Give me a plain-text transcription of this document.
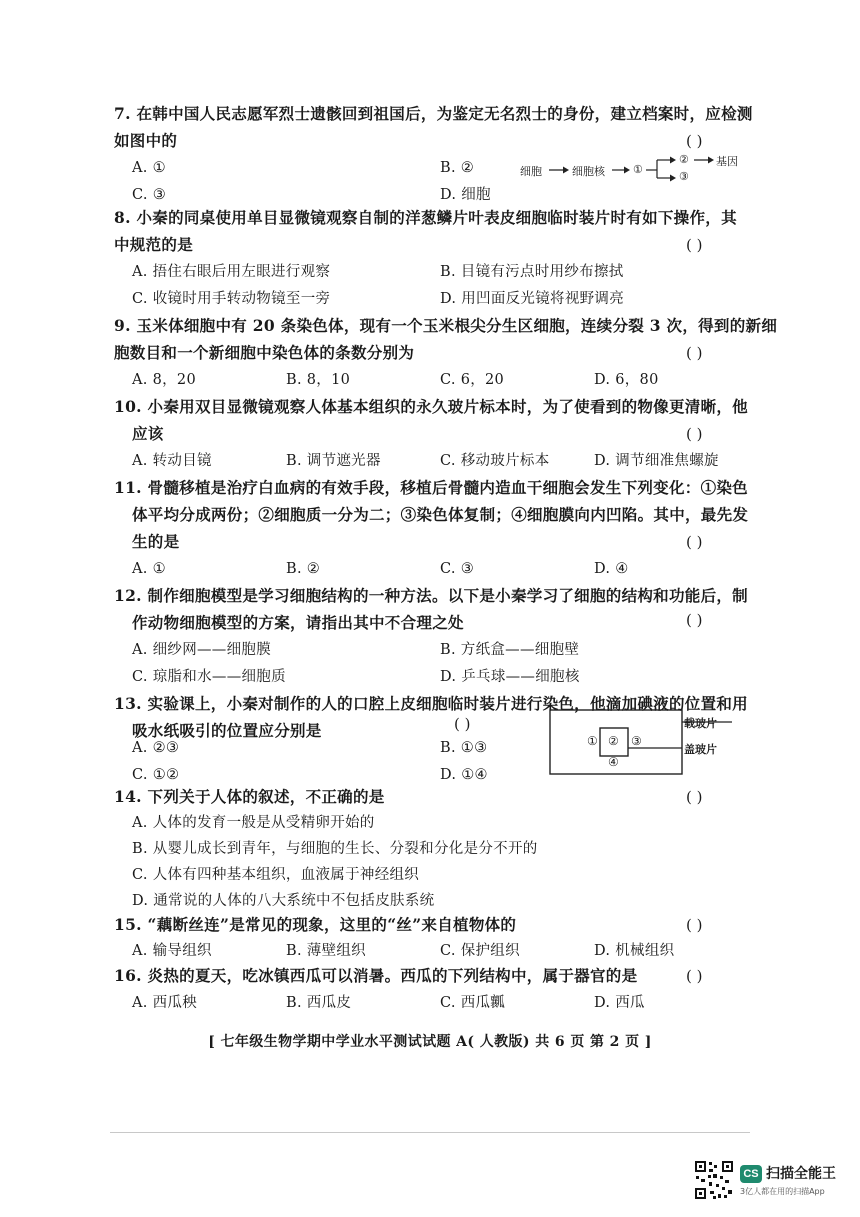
7. 在韩中国人民志愿军烈士遗骸回到祖国后，为鉴定无名烈士的身份，建立档案时，应检测
如图中的	( )
A. ①	B. ②
C. ③	D. 细胞
细胞	细胞核	①
②
③
基因
8. 小秦的同桌使用单目显微镜观察自制的洋葱鳞片叶表皮细胞临时装片时有如下操作，其
中规范的是	( )
A. 捂住右眼后用左眼进行观察	B. 目镜有污点时用纱布擦拭
C. 收镜时用手转动物镜至一旁	D. 用凹面反光镜将视野调亮
9. 玉米体细胞中有 20 条染色体，现有一个玉米根尖分生区细胞，连续分裂 3 次，得到的新细
胞数目和一个新细胞中染色体的条数分别为	( )
A. 8，20	B. 8，10	C. 6，20	D. 6，80
10. 小秦用双目显微镜观察人体基本组织的永久玻片标本时，为了使看到的物像更清晰，他
应该	( )
A. 转动目镜	B. 调节遮光器	C. 移动玻片标本	D. 调节细准焦螺旋
11. 骨髓移植是治疗白血病的有效手段，移植后骨髓内造血干细胞会发生下列变化：①染色
体平均分成两份；②细胞质一分为二；③染色体复制；④细胞膜向内凹陷。其中，最先发
生的是	( )
A. ①	B. ②	C. ③	D. ④
12. 制作细胞模型是学习细胞结构的一种方法。以下是小秦学习了细胞的结构和功能后，制
作动物细胞模型的方案，请指出其中不合理之处	( )
A. 细纱网——细胞膜	B. 方纸盒——细胞壁
C. 琼脂和水——细胞质	D. 乒乓球——细胞核
13. 实验课上，小秦对制作的人的口腔上皮细胞临时装片进行染色，他滴加碘液的位置和用
吸水纸吸引的位置应分别是	( )
A. ②③	B. ①③
C. ①②	D. ①④
① ② ③
④
载玻片
盖玻片
14. 下列关于人体的叙述，不正确的是	( )
A. 人体的发育一般是从受精卵开始的
B. 从婴儿成长到青年，与细胞的生长、分裂和分化是分不开的
C. 人体有四种基本组织，血液属于神经组织
D. 通常说的人体的八大系统中不包括皮肤系统
15. “藕断丝连”是常见的现象，这里的“丝”来自植物体的	( )
A. 输导组织	B. 薄壁组织	C. 保护组织	D. 机械组织
16. 炎热的夏天，吃冰镇西瓜可以消暑。西瓜的下列结构中，属于器官的是	( )
A. 西瓜秧	B. 西瓜皮	C. 西瓜瓤	D. 西瓜
[ 七年级生物学期中学业水平测试试题 A( 人教版) 共 6 页 第 2 页 ]
CS 扫描全能王
3亿人都在用的扫描App
